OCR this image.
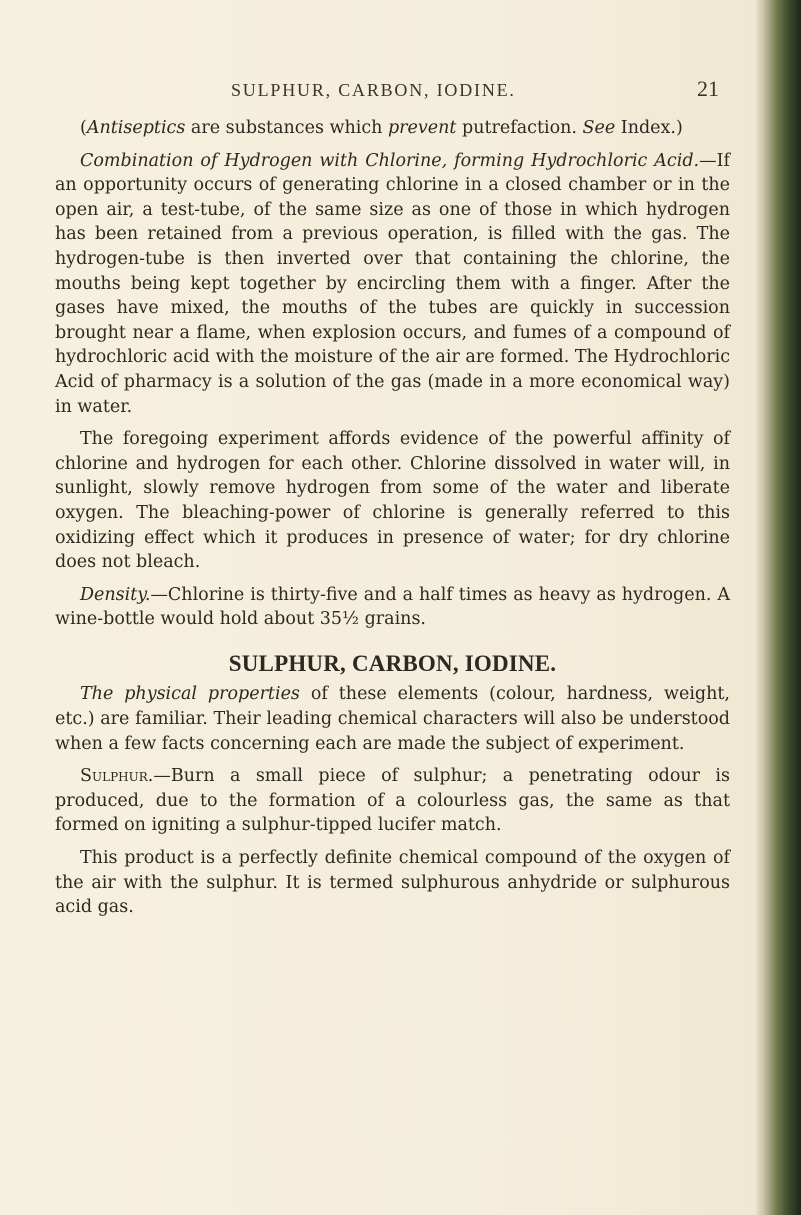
SULPHUR, CARBON, IODINE.	21

(Antiseptics are substances which prevent putrefaction. See Index.)

Combination of Hydrogen with Chlorine, forming Hydrochloric Acid.—If an opportunity occurs of generating chlorine in a closed chamber or in the open air, a test-tube, of the same size as one of those in which hydrogen has been retained from a previous operation, is filled with the gas. The hydrogen-tube is then inverted over that containing the chlorine, the mouths being kept together by encircling them with a finger. After the gases have mixed, the mouths of the tubes are quickly in succession brought near a flame, when explosion occurs, and fumes of a compound of hydrochloric acid with the moisture of the air are formed. The Hydrochloric Acid of pharmacy is a solution of the gas (made in a more economical way) in water.

The foregoing experiment affords evidence of the powerful affinity of chlorine and hydrogen for each other. Chlorine dissolved in water will, in sunlight, slowly remove hydrogen from some of the water and liberate oxygen. The bleaching-power of chlorine is generally referred to this oxidizing effect which it produces in presence of water; for dry chlorine does not bleach.

Density.—Chlorine is thirty-five and a half times as heavy as hydrogen. A wine-bottle would hold about 35½ grains.

SULPHUR, CARBON, IODINE.

The physical properties of these elements (colour, hardness, weight, etc.) are familiar. Their leading chemical characters will also be understood when a few facts concerning each are made the subject of experiment.

Sulphur.—Burn a small piece of sulphur; a penetrating odour is produced, due to the formation of a colourless gas, the same as that formed on igniting a sulphur-tipped lucifer match.

This product is a perfectly definite chemical compound of the oxygen of the air with the sulphur. It is termed sulphurous anhydride or sulphurous acid gas.
